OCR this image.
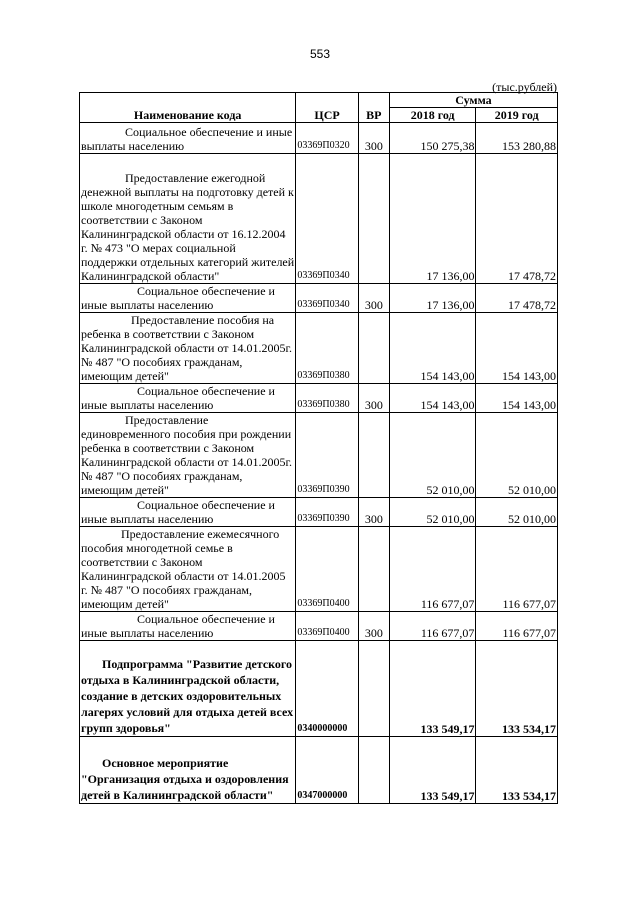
553
(тыс.рублей)
Наименование кода	ЦСР	ВР	Сумма	
			2018 год	2019 год

Социальное обеспечение и иные выплаты населению	03369П0320	300	150 275,38	153 280,88

Предоставление ежегодной денежной выплаты на подготовку детей к школе многодетным семьям в соответствии с Законом Калининградской области от 16.12.2004 г. № 473 "О мерах социальной поддержки отдельных категорий жителей Калининградской области"	03369П0340		17 136,00	17 478,72

Социальное обеспечение и иные выплаты населению	03369П0340	300	17 136,00	17 478,72

Предоставление пособия на ребенка в соответствии с Законом Калининградской области от 14.01.2005г. № 487 "О пособиях гражданам, имеющим детей"	03369П0380		154 143,00	154 143,00

Социальное обеспечение и иные выплаты населению	03369П0380	300	154 143,00	154 143,00

Предоставление единовременного пособия при рождении ребенка в соответствии с Законом Калининградской области от 14.01.2005г. № 487 "О пособиях гражданам, имеющим детей"	03369П0390		52 010,00	52 010,00

Социальное обеспечение и иные выплаты населению	03369П0390	300	52 010,00	52 010,00

Предоставление ежемесячного пособия многодетной семье в соответствии с Законом Калининградской области от 14.01.2005 г. № 487 "О пособиях гражданам, имеющим детей"	03369П0400		116 677,07	116 677,07

Социальное обеспечение и иные выплаты населению	03369П0400	300	116 677,07	116 677,07

Подпрограмма "Развитие детского отдыха в Калининградской области, создание в детских оздоровительных лагерях условий для отдыха детей всех групп здоровья"	0340000000		133 549,17	133 534,17

Основное мероприятие "Организация отдыха и оздоровления детей в Калининградской области"	0347000000		133 549,17	133 534,17
